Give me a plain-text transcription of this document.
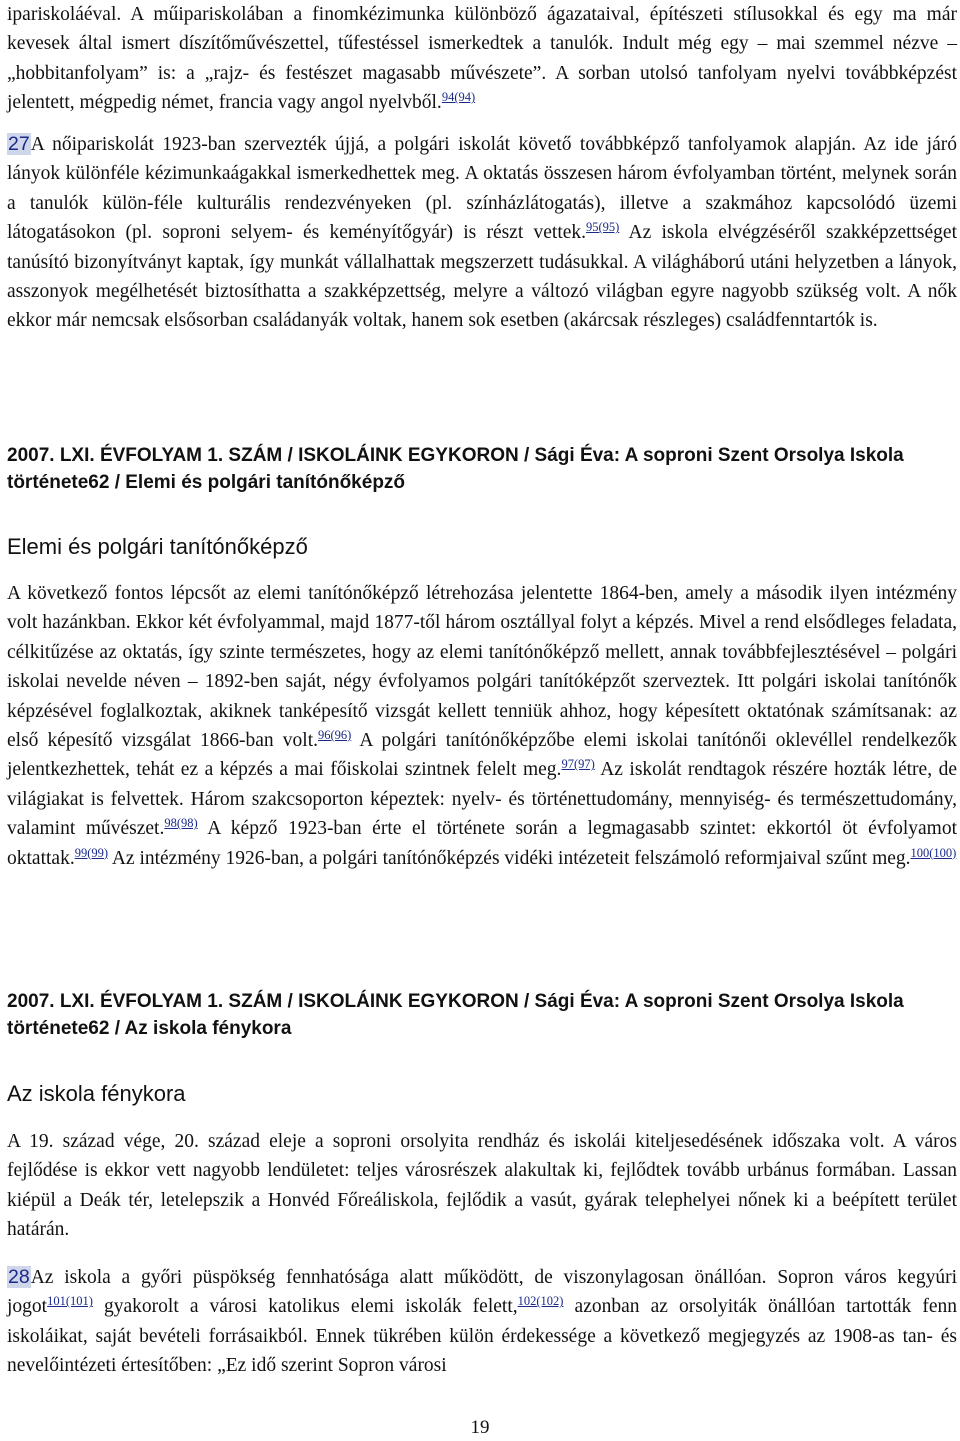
ipariskoláéval. A műipariskolában a finomkézimunka különböző ágazataival, építészeti stílusokkal és egy ma már kevesek által ismert díszítőművészettel, tűfestéssel ismerkedtek a tanulók. Indult még egy – mai szemmel nézve – „hobbitanfolyam” is: a „rajz- és festészet magasabb művészete”. A sorban utolsó tanfolyam nyelvi továbbképzést jelentett, mégpedig német, francia vagy angol nyelvből.$^{94(94)}$

27A nőipariskolát 1923-ban szervezték újjá, a polgári iskolát követő továbbképző tanfolyamok alapján. Az ide járó lányok különféle kézimunkaágakkal ismerkedhettek meg. A oktatás összesen három évfolyamban történt, melynek során a tanulók külön-féle kulturális rendezvényeken (pl. színházlátogatás), illetve a szakmához kapcsolódó üzemi látogatásokon (pl. soproni selyem- és keményítőgyár) is részt vettek.$^{95(95)}$ Az iskola elvégzéséről szakképzettséget tanúsító bizonyítványt kaptak, így munkát vállalhattak megszerzett tudásukkal. A világháború utáni helyzetben a lányok, asszonyok megélhetését biztosíthatta a szakképzettség, melyre a változó világban egyre nagyobb szükség volt. A nők ekkor már nemcsak elsősorban családanyák voltak, hanem sok esetben (akárcsak részleges) családfenntartók is.

2007. LXI. ÉVFOLYAM 1. SZÁM / ISKOLÁINK EGYKORON / Sági Éva: A soproni Szent Orsolya Iskola története62 / Elemi és polgári tanítónőképző

Elemi és polgári tanítónőképző

A következő fontos lépcsőt az elemi tanítónőképző létrehozása jelentette 1864-ben, amely a második ilyen intézmény volt hazánkban. Ekkor két évfolyammal, majd 1877-től három osztállyal folyt a képzés. Mivel a rend elsődleges feladata, célkitűzése az oktatás, így szinte természetes, hogy az elemi tanítónőképző mellett, annak továbbfejlesztésével – polgári iskolai nevelde néven – 1892-ben saját, négy évfolyamos polgári tanítóképzőt szerveztek. Itt polgári iskolai tanítónők képzésével foglalkoztak, akiknek tanképesítő vizsgát kellett tenniük ahhoz, hogy képesített oktatónak számítsanak: az első képesítő vizsgálat 1866-ban volt.$^{96(96)}$ A polgári tanítónőképzőbe elemi iskolai tanítónői oklevéllel rendelkezők jelentkezhettek, tehát ez a képzés a mai főiskolai szintnek felelt meg.$^{97(97)}$ Az iskolát rendtagok részére hozták létre, de világiakat is felvettek. Három szakcsoporton képeztek: nyelv- és történettudomány, mennyiség- és természettudomány, valamint művészet.$^{98(98)}$ A képző 1923-ban érte el története során a legmagasabb szintet: ekkortól öt évfolyamot oktattak.$^{99(99)}$ Az intézmény 1926-ban, a polgári tanítónőképzés vidéki intézeteit felszámoló reformjaival szűnt meg.$^{100(100)}$

2007. LXI. ÉVFOLYAM 1. SZÁM / ISKOLÁINK EGYKORON / Sági Éva: A soproni Szent Orsolya Iskola története62 / Az iskola fénykora

Az iskola fénykora

A 19. század vége, 20. század eleje a soproni orsolyita rendház és iskolái kiteljesedésének időszaka volt. A város fejlődése is ekkor vett nagyobb lendületet: teljes városrészek alakultak ki, fejlődtek tovább urbánus formában. Lassan kiépül a Deák tér, letelepszik a Honvéd Főreáliskola, fejlődik a vasút, gyárak telephelyei nőnek ki a beépített terület határán.

28Az iskola a győri püspökség fennhatósága alatt működött, de viszonylagosan önállóan. Sopron város kegyúri jogot$^{101(101)}$ gyakorolt a városi katolikus elemi iskolák felett,$^{102(102)}$ azonban az orsolyiták önállóan tartották fenn iskoláikat, saját bevételi forrásaikból. Ennek tükrében külön érdekessége a következő megjegyzés az 1908-as tan- és nevelőintézeti értesítőben: „Ez idő szerint Sopron városi

19
